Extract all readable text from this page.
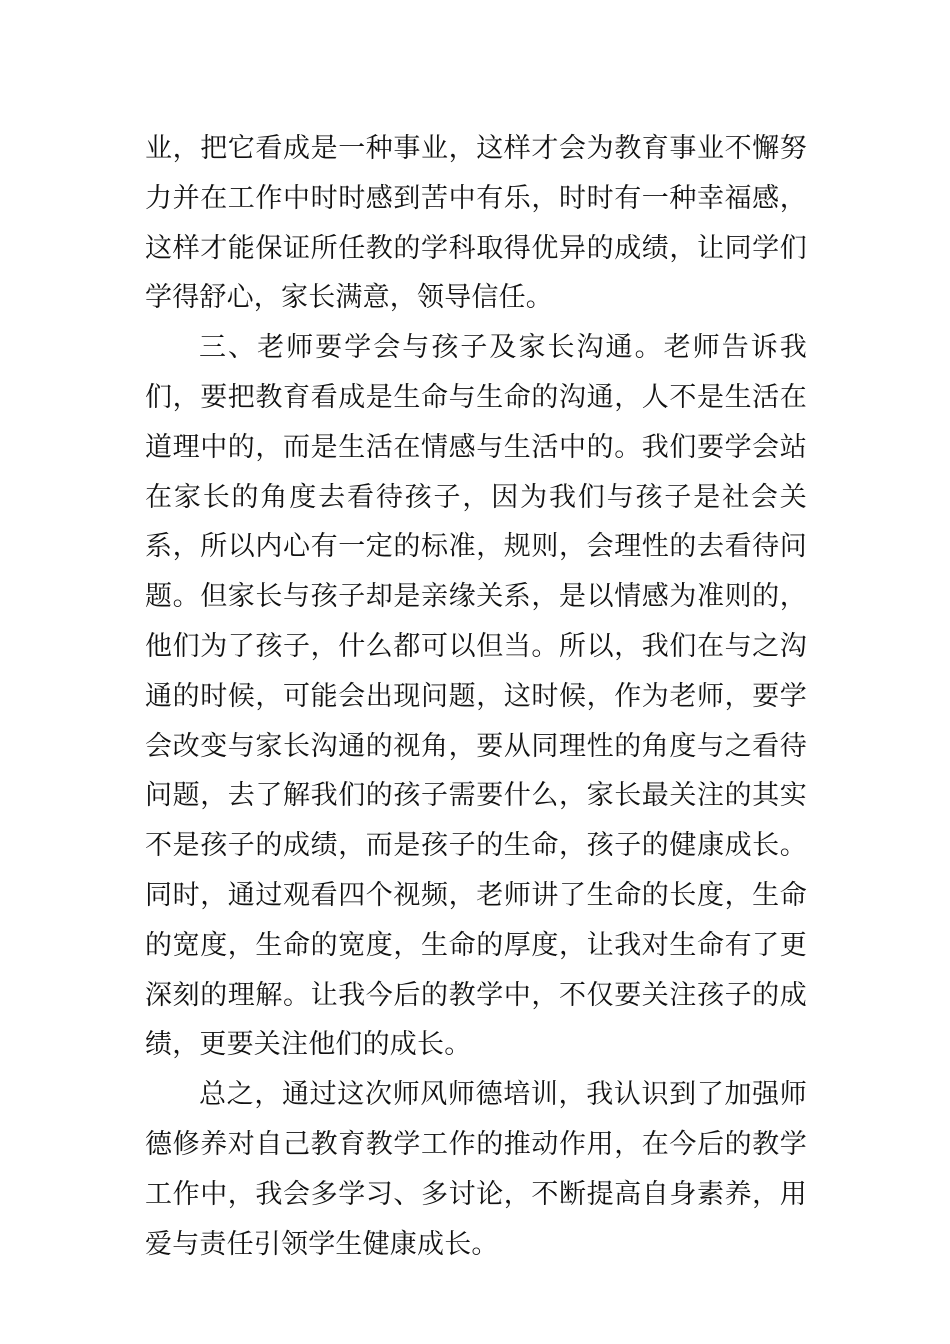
业，把它看成是一种事业，这样才会为教育事业不懈努力并在工作中时时感到苦中有乐，时时有一种幸福感，这样才能保证所任教的学科取得优异的成绩，让同学们学得舒心，家长满意，领导信任。

三、老师要学会与孩子及家长沟通。老师告诉我们，要把教育看成是生命与生命的沟通，人不是生活在道理中的，而是生活在情感与生活中的。我们要学会站在家长的角度去看待孩子，因为我们与孩子是社会关系，所以内心有一定的标准，规则，会理性的去看待问题。但家长与孩子却是亲缘关系，是以情感为准则的，他们为了孩子，什么都可以但当。所以，我们在与之沟通的时候，可能会出现问题，这时候，作为老师，要学会改变与家长沟通的视角，要从同理性的角度与之看待问题，去了解我们的孩子需要什么，家长最关注的其实不是孩子的成绩，而是孩子的生命，孩子的健康成长。同时，通过观看四个视频，老师讲了生命的长度，生命的宽度，生命的宽度，生命的厚度，让我对生命有了更深刻的理解。让我今后的教学中，不仅要关注孩子的成绩，更要关注他们的成长。

总之，通过这次师风师德培训，我认识到了加强师德修养对自己教育教学工作的推动作用，在今后的教学工作中，我会多学习、多讨论，不断提高自身素养，用爱与责任引领学生健康成长。
